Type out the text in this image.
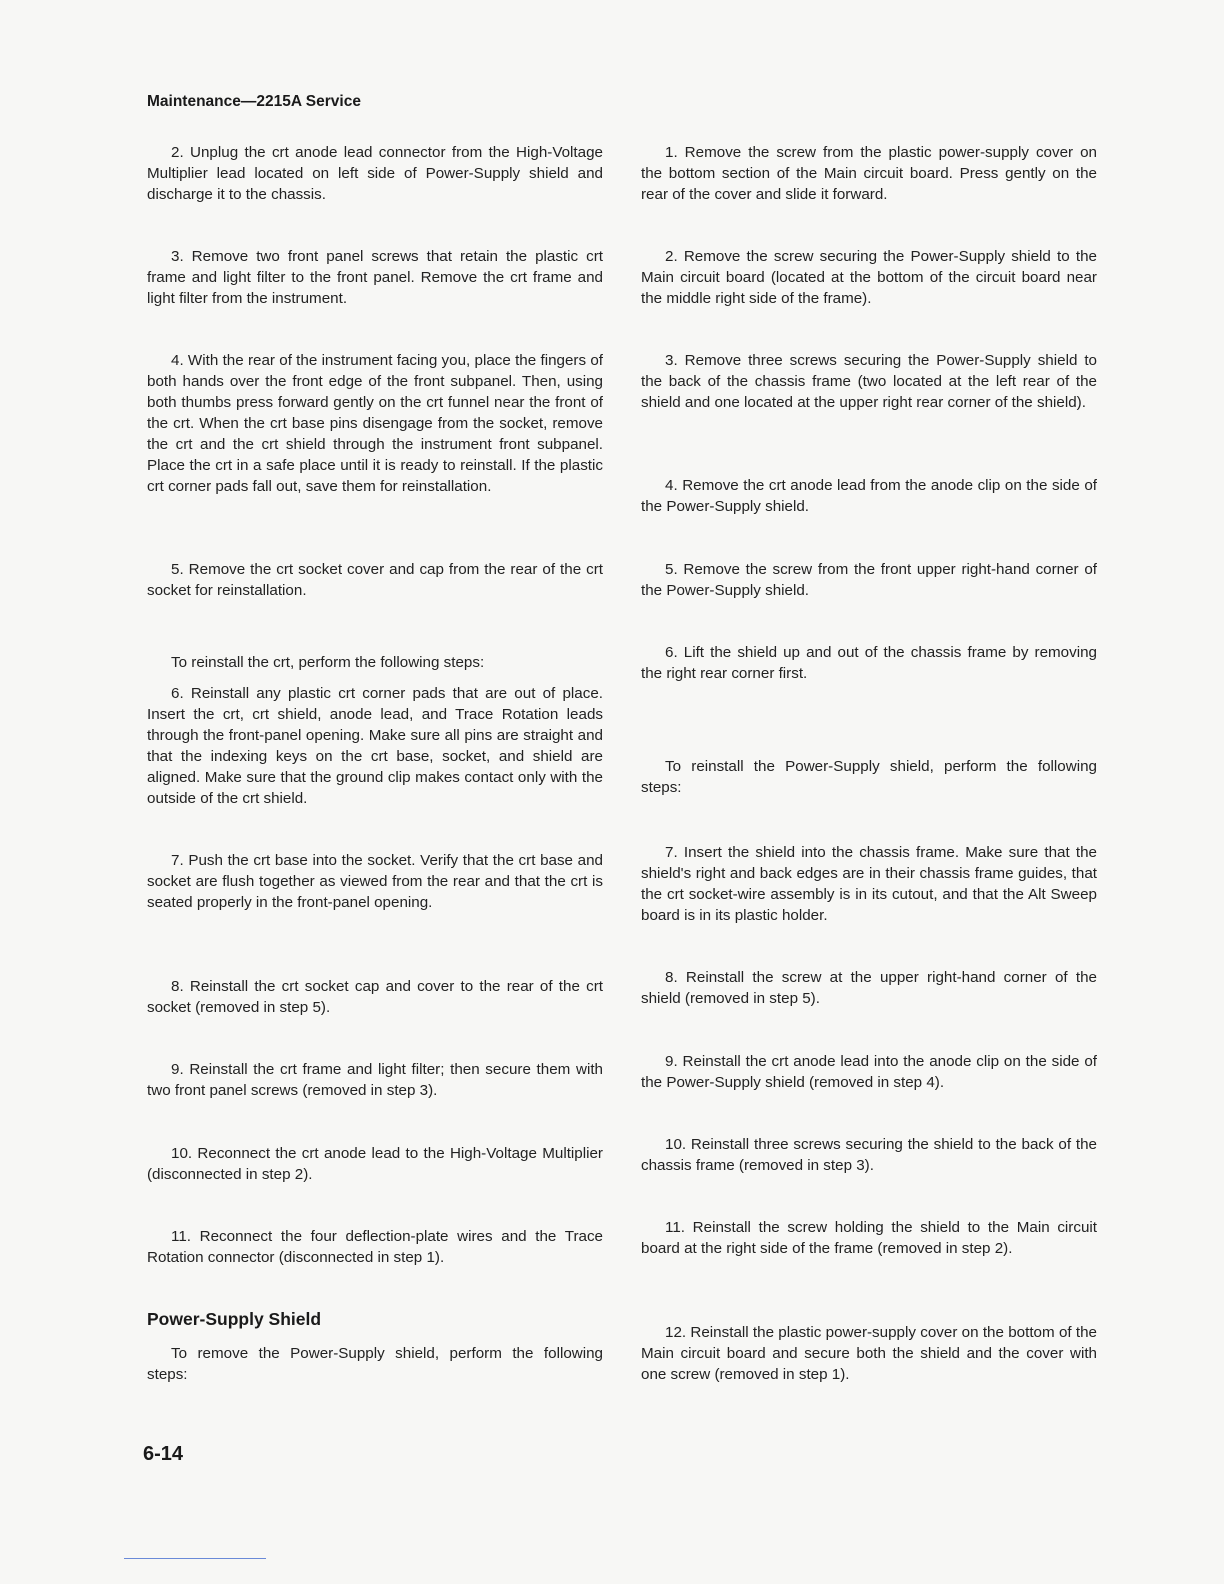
Maintenance—2215A Service

2. Unplug the crt anode lead connector from the High-Voltage Multiplier lead located on left side of Power-Supply shield and discharge it to the chassis.

3. Remove two front panel screws that retain the plastic crt frame and light filter to the front panel. Remove the crt frame and light filter from the instrument.

4. With the rear of the instrument facing you, place the fingers of both hands over the front edge of the front subpanel. Then, using both thumbs press forward gently on the crt funnel near the front of the crt. When the crt base pins disengage from the socket, remove the crt and the crt shield through the instrument front subpanel. Place the crt in a safe place until it is ready to reinstall. If the plastic crt corner pads fall out, save them for reinstallation.

5. Remove the crt socket cover and cap from the rear of the crt socket for reinstallation.

To reinstall the crt, perform the following steps:

6. Reinstall any plastic crt corner pads that are out of place. Insert the crt, crt shield, anode lead, and Trace Rotation leads through the front-panel opening. Make sure all pins are straight and that the indexing keys on the crt base, socket, and shield are aligned. Make sure that the ground clip makes contact only with the outside of the crt shield.

7. Push the crt base into the socket. Verify that the crt base and socket are flush together as viewed from the rear and that the crt is seated properly in the front-panel opening.

8. Reinstall the crt socket cap and cover to the rear of the crt socket (removed in step 5).

9. Reinstall the crt frame and light filter; then secure them with two front panel screws (removed in step 3).

10. Reconnect the crt anode lead to the High-Voltage Multiplier (disconnected in step 2).

11. Reconnect the four deflection-plate wires and the Trace Rotation connector (disconnected in step 1).

Power-Supply Shield

To remove the Power-Supply shield, perform the following steps:

1. Remove the screw from the plastic power-supply cover on the bottom section of the Main circuit board. Press gently on the rear of the cover and slide it forward.

2. Remove the screw securing the Power-Supply shield to the Main circuit board (located at the bottom of the circuit board near the middle right side of the frame).

3. Remove three screws securing the Power-Supply shield to the back of the chassis frame (two located at the left rear of the shield and one located at the upper right rear corner of the shield).

4. Remove the crt anode lead from the anode clip on the side of the Power-Supply shield.

5. Remove the screw from the front upper right-hand corner of the Power-Supply shield.

6. Lift the shield up and out of the chassis frame by removing the right rear corner first.

To reinstall the Power-Supply shield, perform the following steps:

7. Insert the shield into the chassis frame. Make sure that the shield's right and back edges are in their chassis frame guides, that the crt socket-wire assembly is in its cutout, and that the Alt Sweep board is in its plastic holder.

8. Reinstall the screw at the upper right-hand corner of the shield (removed in step 5).

9. Reinstall the crt anode lead into the anode clip on the side of the Power-Supply shield (removed in step 4).

10. Reinstall three screws securing the shield to the back of the chassis frame (removed in step 3).

11. Reinstall the screw holding the shield to the Main circuit board at the right side of the frame (removed in step 2).

12. Reinstall the plastic power-supply cover on the bottom of the Main circuit board and secure both the shield and the cover with one screw (removed in step 1).

6-14
